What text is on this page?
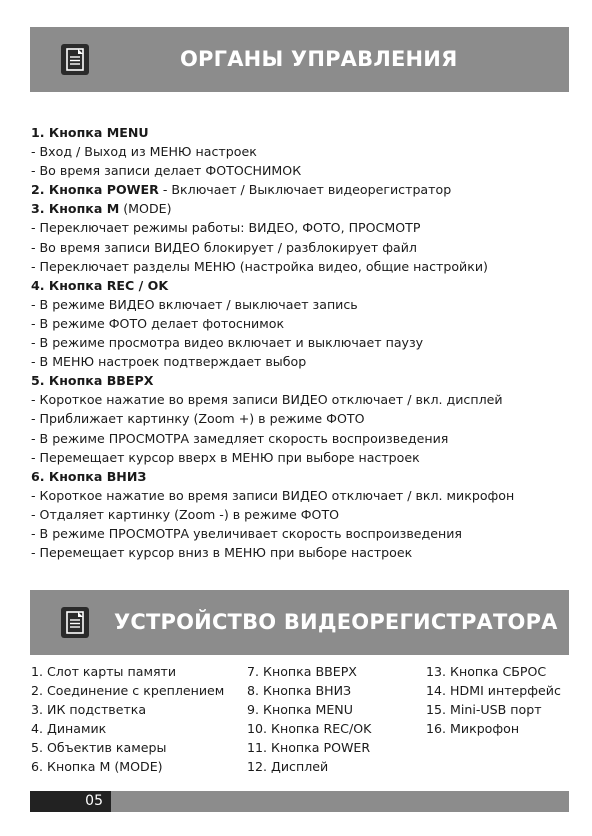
ОРГАНЫ УПРАВЛЕНИЯ
1. Кнопка MENU
- Вход / Выход из МЕНЮ настроек
- Во время записи делает ФОТОСНИМОК
2. Кнопка POWER - Включает / Выключает видеорегистратор
3. Кнопка M (MODE)
- Переключает режимы работы: ВИДЕО, ФОТО, ПРОСМОТР
- Во время записи ВИДЕО блокирует / разблокирует файл
- Переключает разделы МЕНЮ (настройка видео, общие настройки)
4. Кнопка REC / OK
- В режиме ВИДЕО включает / выключает запись
- В режиме ФОТО делает фотоснимок
- В режиме просмотра видео включает и выключает паузу
- В МЕНЮ настроек подтверждает выбор
5. Кнопка ВВЕРХ
- Короткое нажатие во время записи ВИДЕО отключает / вкл. дисплей
- Приближает картинку (Zoom +) в режиме ФОТО
- В режиме ПРОСМОТРА замедляет скорость воспроизведения
- Перемещает курсор вверх в МЕНЮ при выборе настроек
6. Кнопка ВНИЗ
- Короткое нажатие во время записи ВИДЕО отключает / вкл. микрофон
- Отдаляет картинку (Zoom -) в режиме ФОТО
- В режиме ПРОСМОТРА увеличивает скорость воспроизведения
- Перемещает курсор вниз в МЕНЮ при выборе настроек
УСТРОЙСТВО ВИДЕОРЕГИСТРАТОРА
1. Слот карты памяти
2. Соединение с креплением
3. ИК подстветка
4. Динамик
5. Объектив камеры
6. Кнопка M (MODE)
7. Кнопка ВВЕРХ
8. Кнопка ВНИЗ
9. Кнопка MENU
10. Кнопка REC/OK
11. Кнопка POWER
12. Дисплей
13. Кнопка СБРОС
14. HDMI интерфейс
15. Mini-USB порт
16. Микрофон
05
